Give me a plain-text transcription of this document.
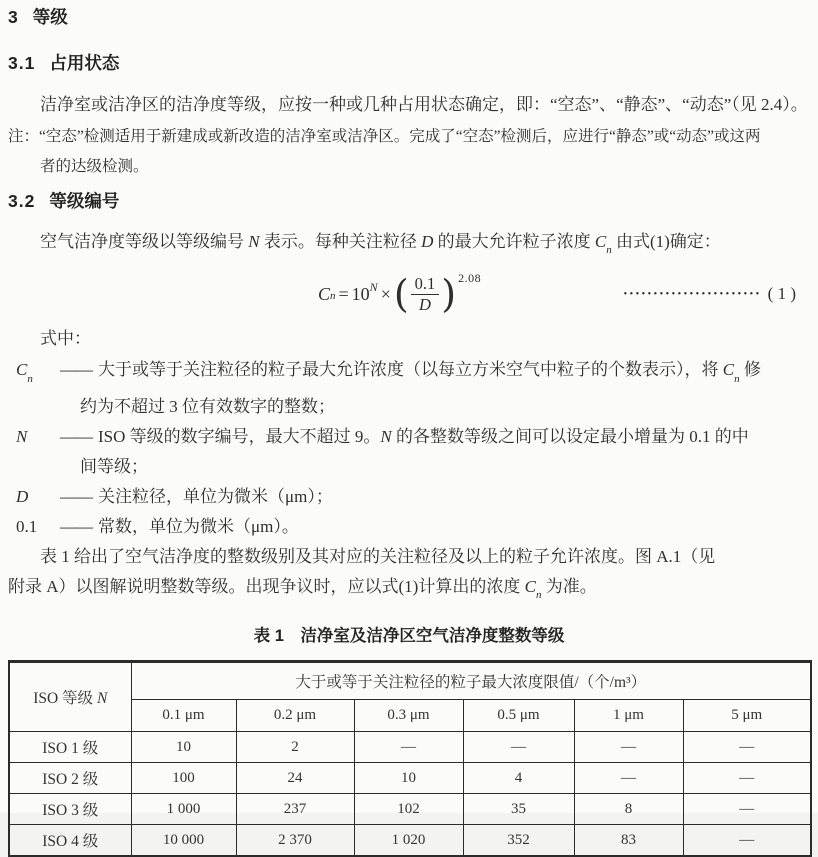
3 等级
3.1 占用状态

洁净室或洁净区的洁净度等级，应按一种或几种占用状态确定，即：“空态”、“静态”、“动态”（见 2.4）。

注：“空态”检测适用于新建成或新改造的洁净室或洁净区。完成了“空态”检测后，应进行“静态”或“动态”或这两
者的达级检测。
3.2 等级编号

空气洁净度等级以等级编号 N 表示。每种关注粒径 D 的最大允许粒子浓度 $C_n$ 由式(1)确定：

$C_n = 10^N$ × ( $\frac{0.1}{D} )^{2.08}$
••••••••••••••••••••••• ( 1 )

式中：

$C_n$ —— 大于或等于关注粒径的粒子最大允许浓度（以每立方米空气中粒子的个数表示），将 $C_n$ 修
约为不超过 3 位有效数字的整数；
N —— ISO 等级的数字编号，最大不超过 9。N 的各整数等级之间可以设定最小增量为 0.1 的中
间等级；
D —— 关注粒径，单位为微米（μm）；
0.1 —— 常数，单位为微米（μm）。
表 1 给出了空气洁净度的整数级别及其对应的关注粒径及以上的粒子允许浓度。图 A.1（见
附录 A）以图解说明整数等级。出现争议时，应以式(1)计算出的浓度 $C_n$ 为准。
表 1　洁净室及洁净区空气洁净度整数等级
ISO 等级 N	大于或等于关注粒径的粒子最大浓度限值/（个/m³）					
	0.1 μm	0.2 μm	0.3 μm	0.5 μm	1 μm	5 μm
ISO 1 级	10	2	—	—	—	—
ISO 2 级	100	24	10	4	—	—
ISO 3 级	1 000	237	102	35	8	—
ISO 4 级	10 000	2 370	1 020	352	83	—
